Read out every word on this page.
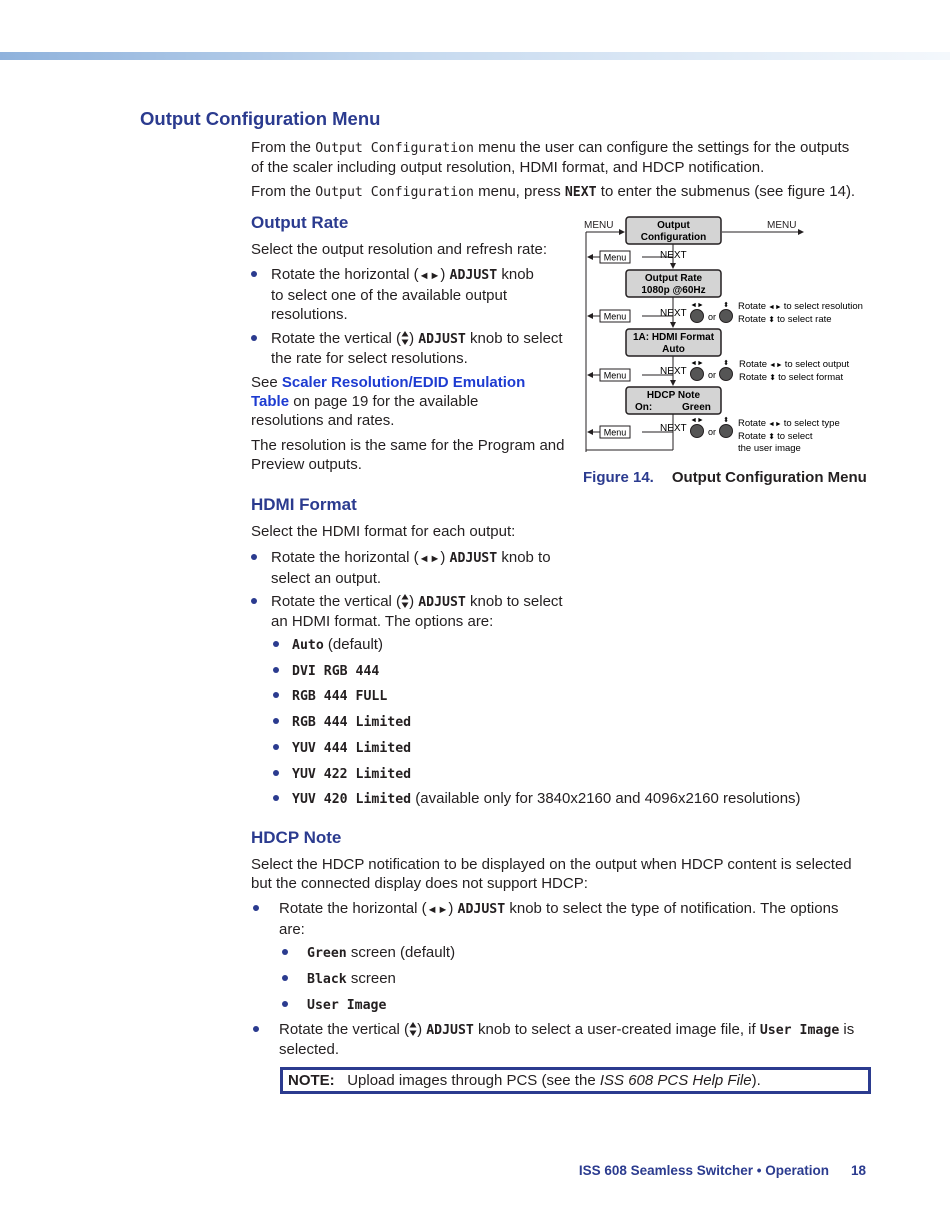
Output Configuration Menu

From the Output Configuration menu the user can configure the settings for the outputs
of the scaler including output resolution, HDMI format, and HDCP notification.

From the Output Configuration menu, press NEXT to enter the submenus (see figure 14).

Output Rate

Select the output resolution and refresh rate:

Rotate the horizontal (◄►) ADJUST knob
to select one of the available output
resolutions.

Rotate the vertical ( ) ADJUST knob to select
the rate for select resolutions.

See Scaler Resolution/EDID Emulation
Table on page 19 for the available
resolutions and rates.

The resolution is the same for the Program and
Preview outputs.

MENU	MENU
Output
Configuration
NEXT
Menu
Output Rate
1080p @60Hz
NEXT
Menu	or
◄►	⬍ Rotate ◄► to select resolution
Rotate ⬍ to select rate
1A: HDMI Format
Auto
NEXT
Menu	or
◄►	⬍ Rotate ◄► to select output
Rotate ⬍ to select format
HDCP Note
On:	Green
NEXT
Menu	or
◄►	⬍ Rotate ◄► to select type
Rotate ⬍ to select
the user image

Figure 14. Output Configuration Menu

HDMI Format

Select the HDMI format for each output:

Rotate the horizontal (◄►) ADJUST knob to
select an output.

Rotate the vertical ( ) ADJUST knob to select
an HDMI format. The options are:

Auto (default)

DVI RGB 444

RGB 444 FULL

RGB 444 Limited

YUV 444 Limited

YUV 422 Limited

YUV 420 Limited (available only for 3840x2160 and 4096x2160 resolutions)

HDCP Note

Select the HDCP notification to be displayed on the output when HDCP content is selected
but the connected display does not support HDCP:

Rotate the horizontal (◄►) ADJUST knob to select the type of notification. The options
are:

Green screen (default)

Black screen

User Image

Rotate the vertical ( ) ADJUST knob to select a user-created image file, if User Image is
selected.

NOTE: Upload images through PCS (see the ISS 608 PCS Help File).
ISS 608 Seamless Switcher • Operation 18
